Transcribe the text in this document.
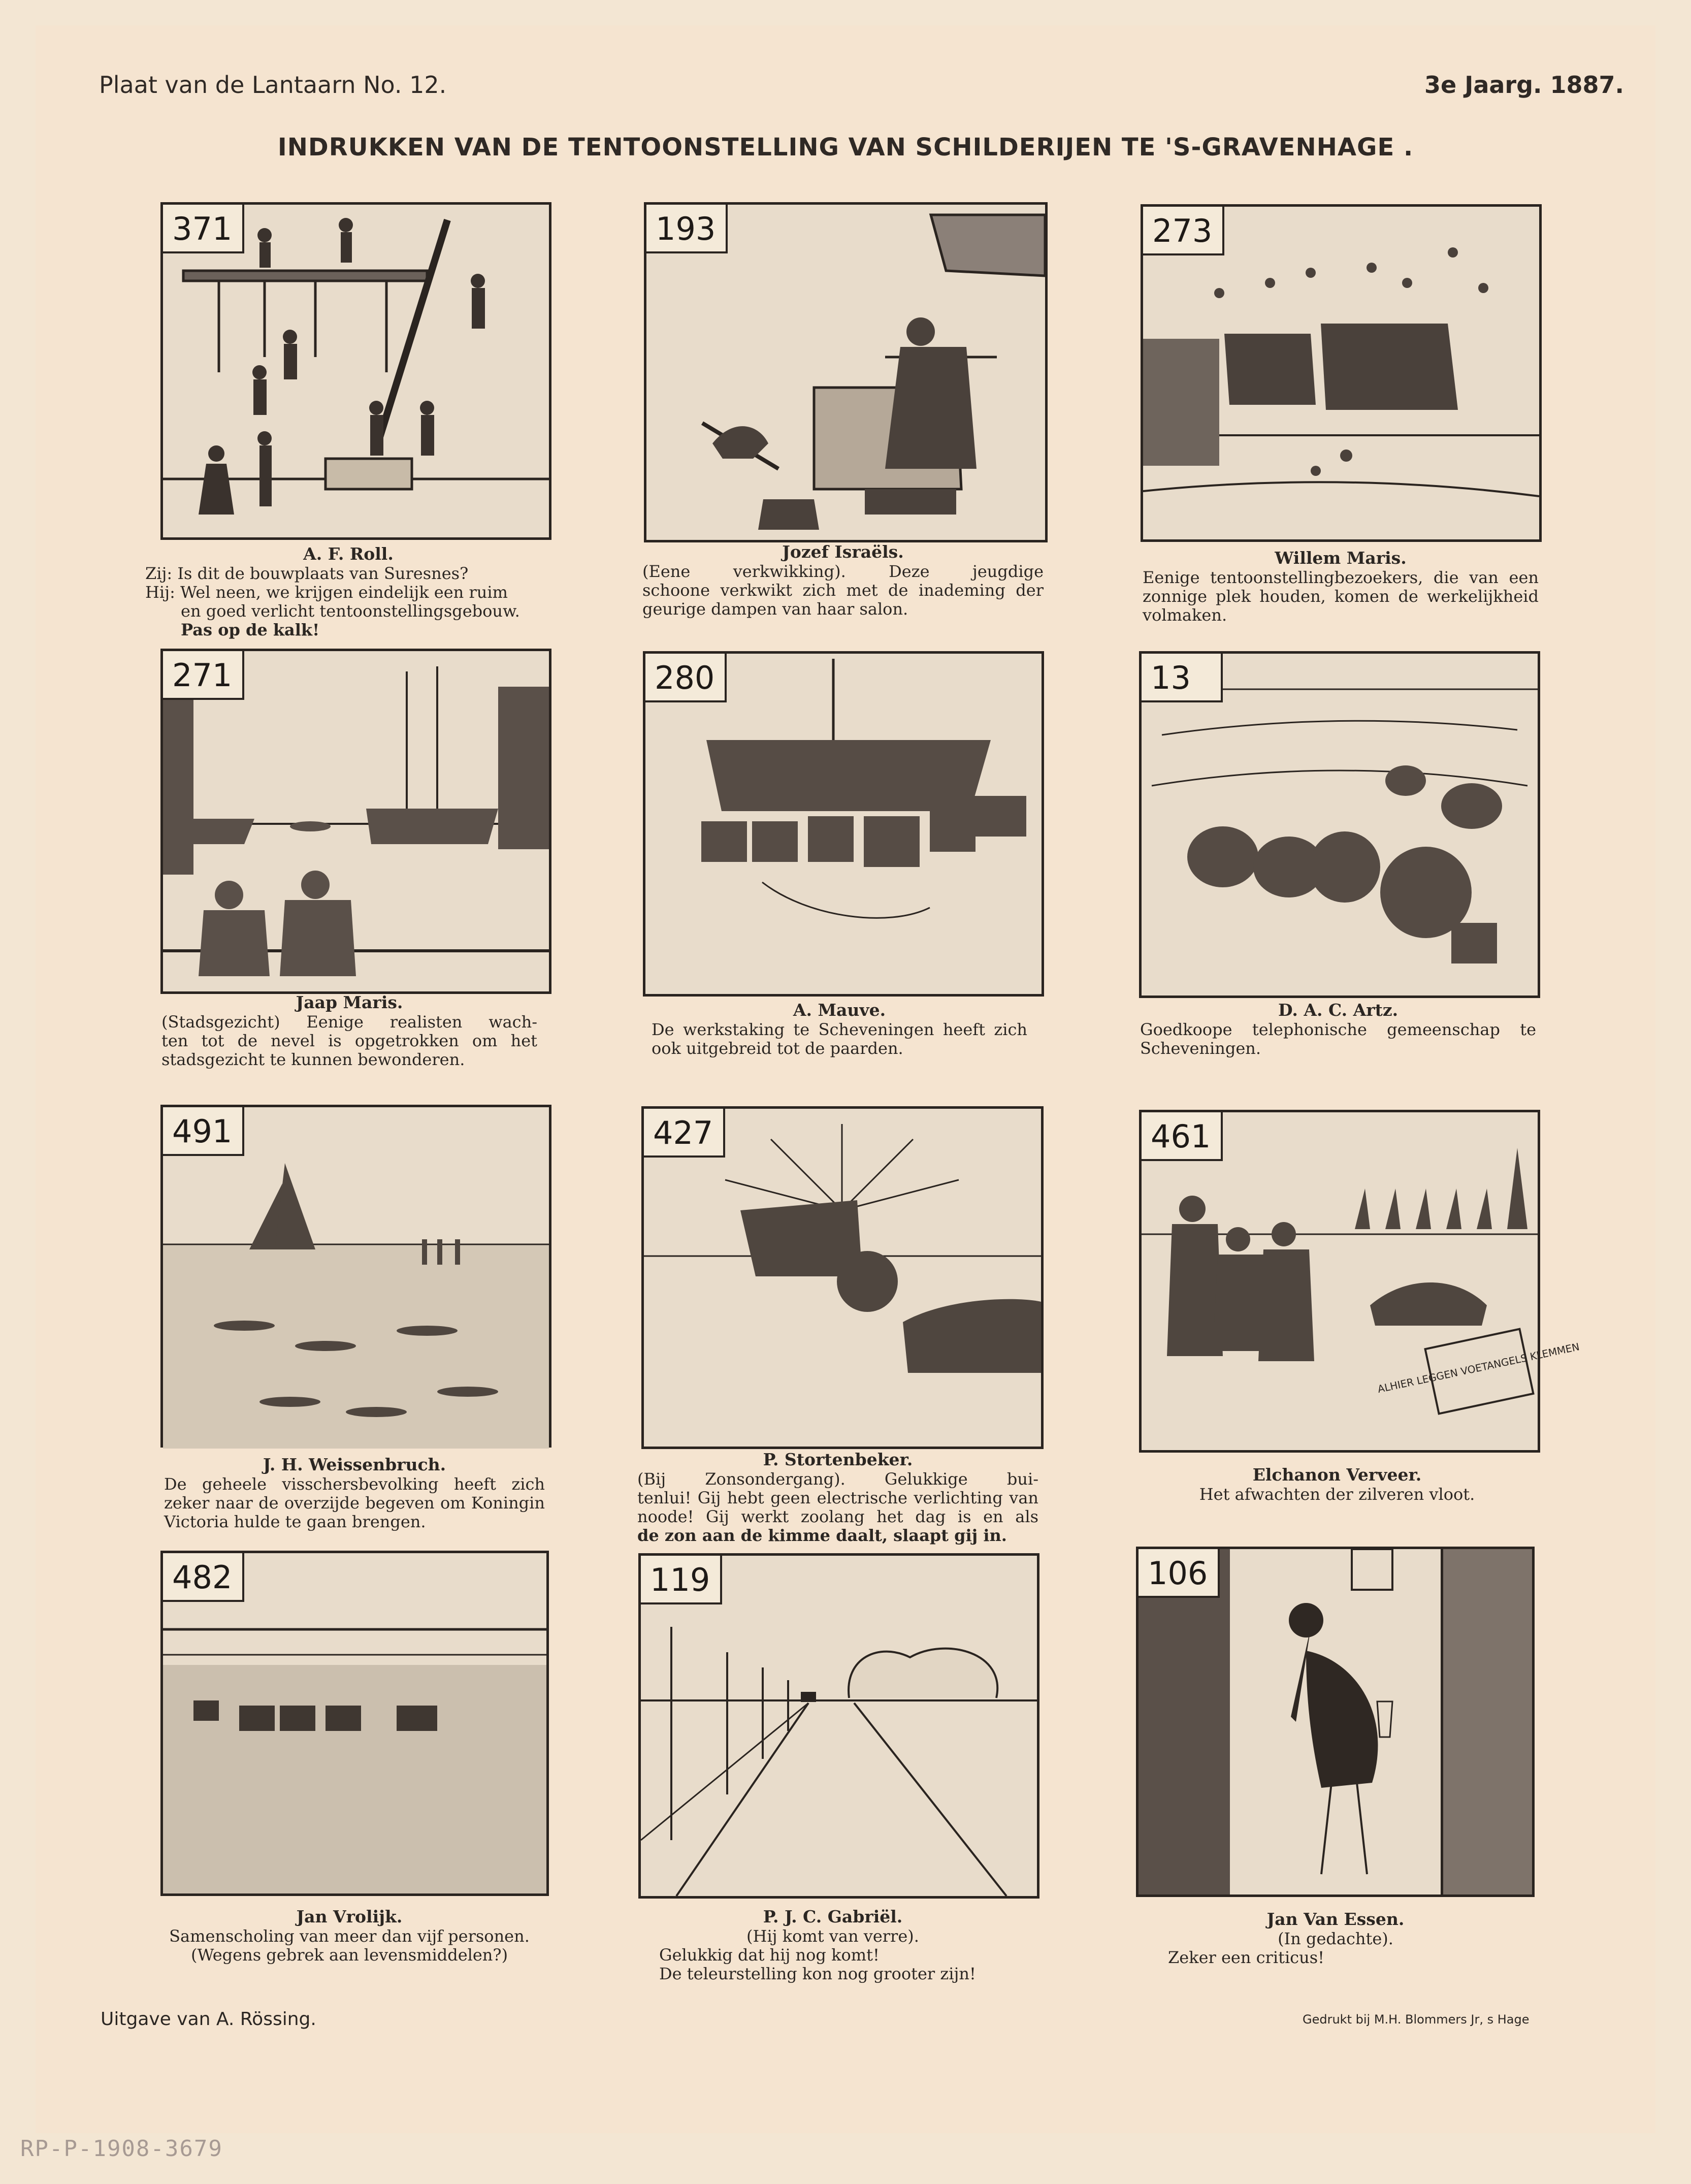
Plaat van de Lantaarn No. 12.	3e Jaarg. 1887.
INDRUKKEN VAN DE TENTOONSTELLING VAN SCHILDERIJEN TE 'S-GRAVENHAGE .
371	193	273
A. F. Roll.
Zij: Is dit de bouwplaats van Suresnes?
Hij: Wel neen, we krijgen eindelijk een ruim
en goed verlicht tentoonstellingsgebouw.
Pas op de kalk!
Jozef Israëls.
(Eene verkwikking). Deze jeugdige
schoone verkwikt zich met de inademing der
geurige dampen van haar salon.
Willem Maris.
Eenige tentoonstellingbezoekers, die van een
zonnige plek houden, komen de werkelijkheid
volmaken.
271	280	13
Jaap Maris.
(Stadsgezicht) Eenige realisten wach-
ten tot de nevel is opgetrokken om het
stadsgezicht te kunnen bewonderen.
A. Mauve.
De werkstaking te Scheveningen heeft zich
ook uitgebreid tot de paarden.
D. A. C. Artz.
Goedkoope telephonische gemeenschap te
Scheveningen.
491	427
ALHIER LEGGEN VOETANGELS KLEMMEN
461
J. H. Weissenbruch.
De geheele visschersbevolking heeft zich
zeker naar de overzijde begeven om Koningin
Victoria hulde te gaan brengen.
P. Stortenbeker.
(Bij Zonsondergang). Gelukkige bui-
tenlui! Gij hebt geen electrische verlichting van
noode! Gij werkt zoolang het dag is en als
de zon aan de kimme daalt, slaapt gij in.
Elchanon Verveer.
Het afwachten der zilveren vloot.
482	119	106
Jan Vrolijk.
Samenscholing van meer dan vijf personen.
(Wegens gebrek aan levensmiddelen?)
P. J. C. Gabriël.
(Hij komt van verre).
Gelukkig dat hij nog komt!
De teleurstelling kon nog grooter zijn!
Jan Van Essen.
(In gedachte).
Zeker een criticus!
Uitgave van A. Rössing.	Gedrukt bij M.H. Blommers Jr, s Hage
RP-P-1908-3679
